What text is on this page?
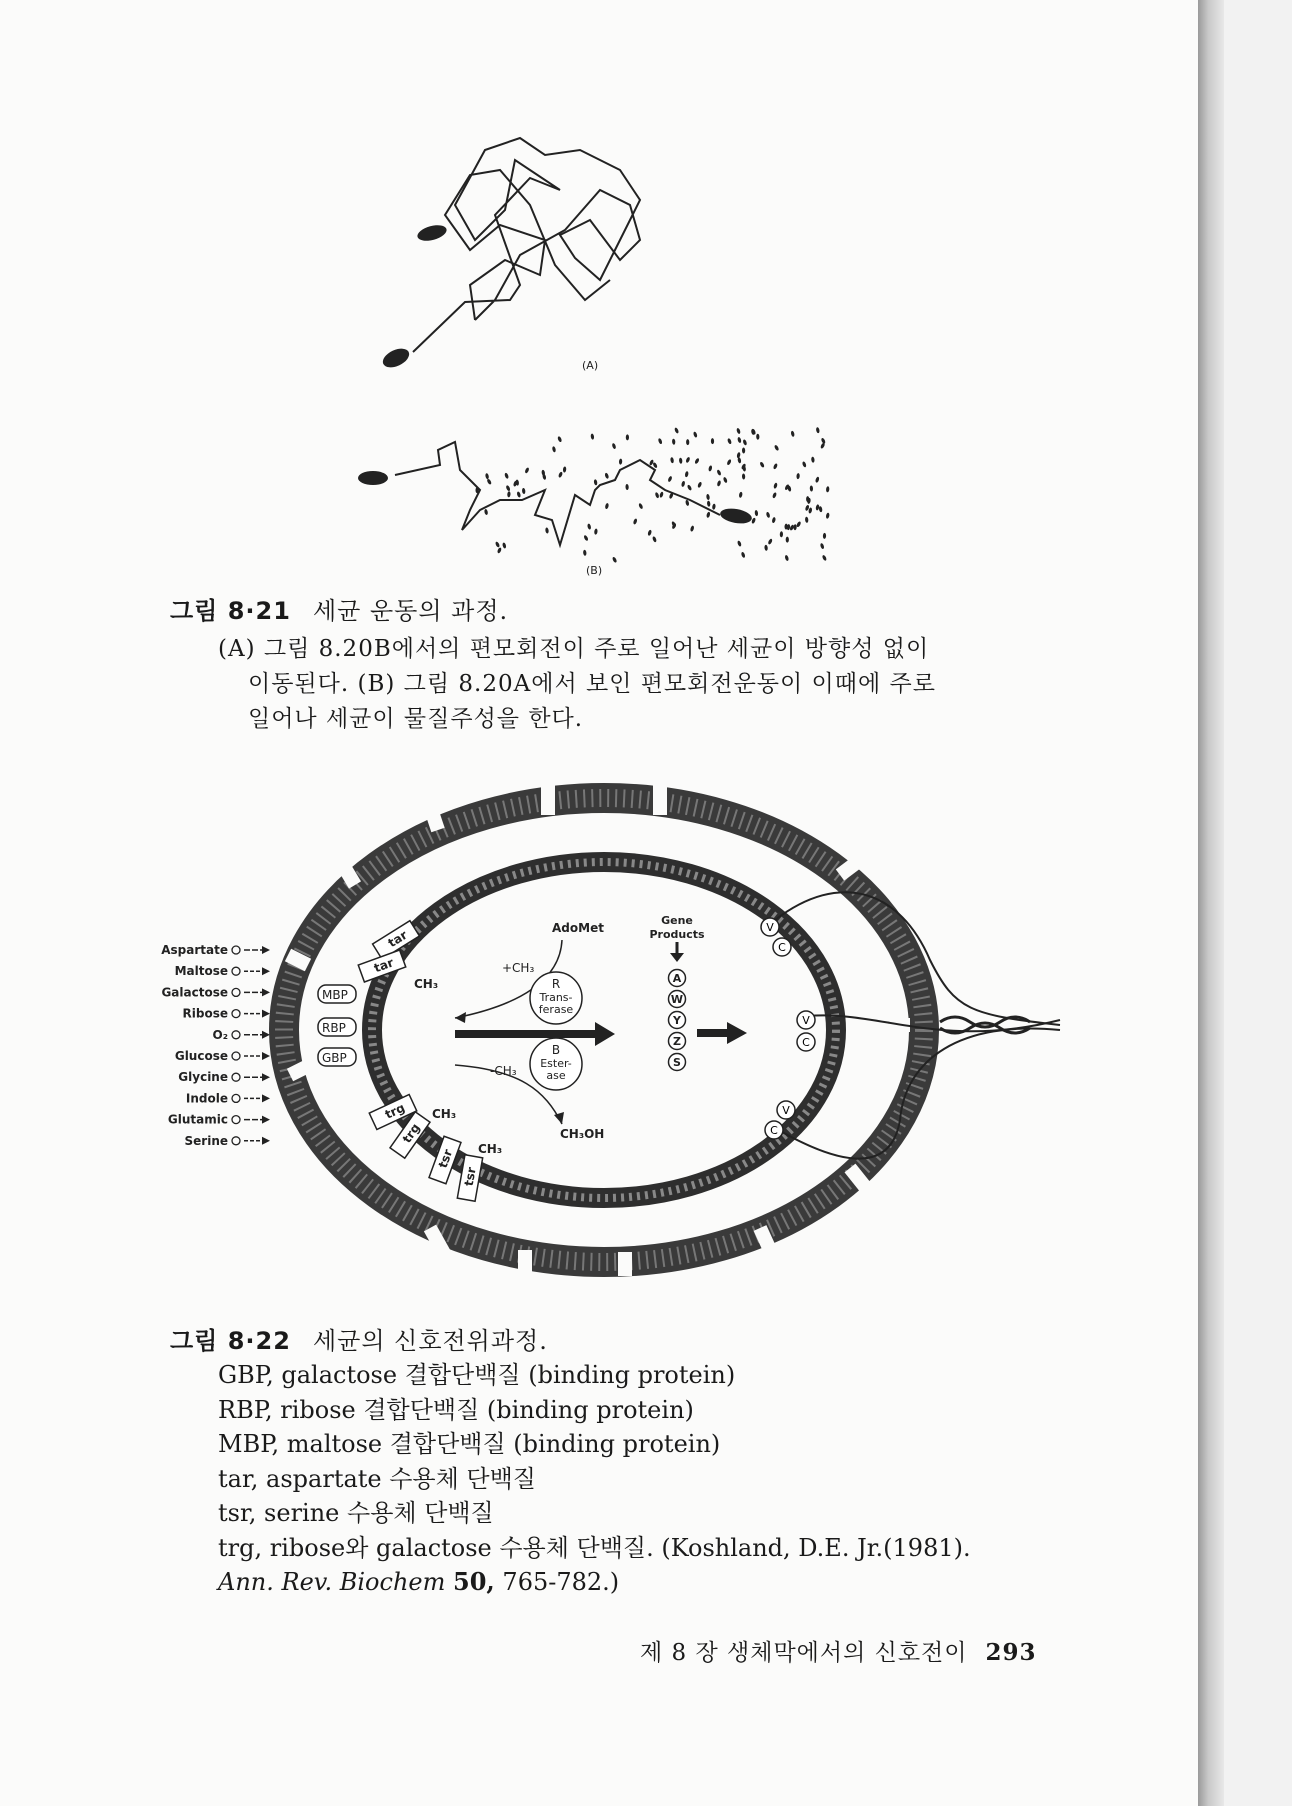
(A)
(B)
V
C
V
C
V
C
Aspartate
Maltose
Galactose
Ribose
O₂
Glucose
Glycine
Indole
Glutamic
Serine
MBP
RBP
GBP
tar
tar
trg
trg
tsr
tsr
CH₃
CH₃
CH₃
AdoMet
+CH₃
-CH₃
CH₃OH
R
Trans-
ferase
B
Ester-
ase
Gene
Products
A
W
Y
Z
S
그림 8·21 세균 운동의 과정.
(A) 그림 8.20B에서의 편모회전이 주로 일어난 세균이 방향성 없이
이동된다. (B) 그림 8.20A에서 보인 편모회전운동이 이때에 주로
일어나 세균이 물질주성을 한다.
그림 8·22 세균의 신호전위과정.
GBP, galactose 결합단백질 (binding protein)
RBP, ribose 결합단백질 (binding protein)
MBP, maltose 결합단백질 (binding protein)
tar, aspartate 수용체 단백질
tsr, serine 수용체 단백질
trg, ribose와 galactose 수용체 단백질. (Koshland, D.E. Jr.(1981).
Ann. Rev. Biochem 50, 765-782.)
제 8 장 생체막에서의 신호전이 293
